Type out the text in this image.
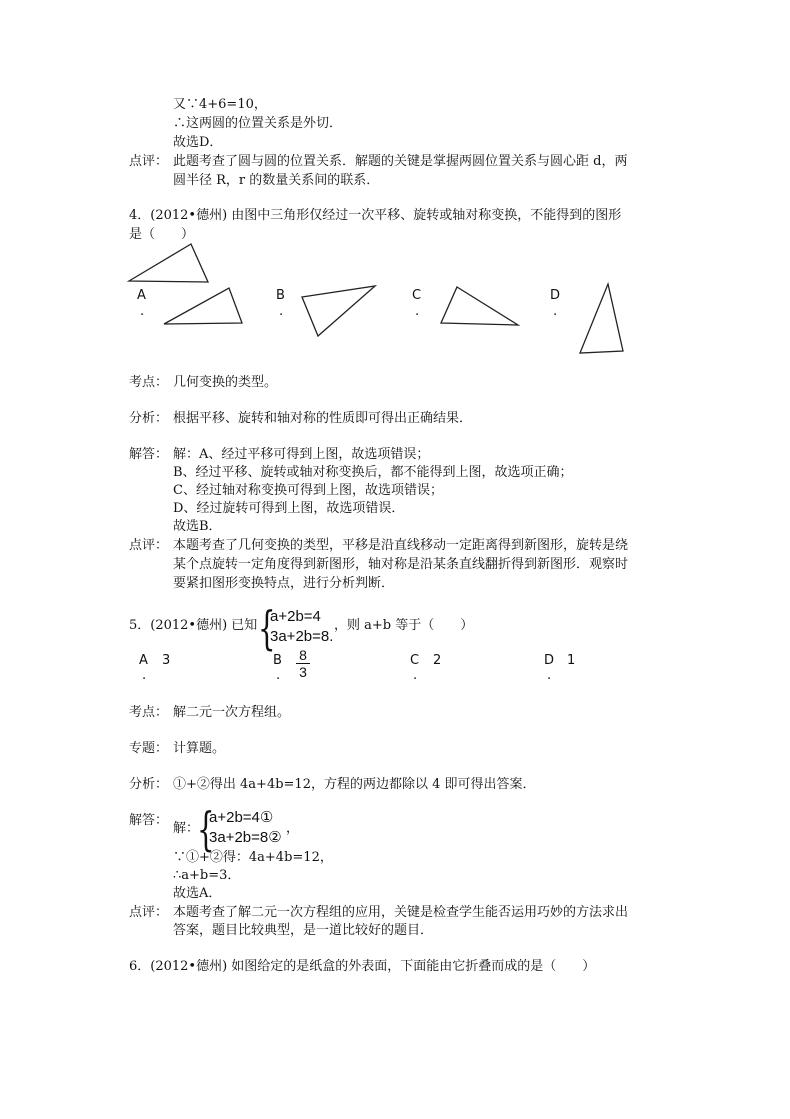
又∵4+6=10，
∴这两圆的位置关系是外切．
故选D．
点评： 此题考查了圆与圆的位置关系．解题的关键是掌握两圆位置关系与圆心距 d，两
圆半径 R，r 的数量关系间的联系．
4．(2012•德州) 由图中三角形仅经过一次平移、旋转或轴对称变换，不能得到的图形
是（　　）
A
.
B
.
C
.
D
.
考点： 几何变换的类型。
分析： 根据平移、旋转和轴对称的性质即可得出正确结果．
解答： 解：A、经过平移可得到上图，故选项错误；
B、经过平移、旋转或轴对称变换后，都不能得到上图，故选项正确；
C、经过轴对称变换可得到上图，故选项错误；
D、经过旋转可得到上图，故选项错误．
故选B．
点评： 本题考查了几何变换的类型，平移是沿直线移动一定距离得到新图形，旋转是绕
某个点旋转一定角度得到新图形，轴对称是沿某条直线翻折得到新图形．观察时
要紧扣图形变换特点，进行分析判断．
5．(2012•德州) 已知 {
a+2b=4
3a+2b=8.
，则 a+b 等于（　　）
A 3
.
B 8
3
.
C 2
.
D 1
.
考点： 解二元一次方程组。
专题： 计算题。
分析： ①+②得出 4a+4b=12，方程的两边都除以 4 即可得出答案．
解答：
解：
{
a+2b=4①
3a+2b=8②
，
∵①+②得：4a+4b=12，
∴a+b=3．
故选A．
点评： 本题考查了解二元一次方程组的应用，关键是检查学生能否运用巧妙的方法求出
答案，题目比较典型，是一道比较好的题目．
6．(2012•德州) 如图给定的是纸盒的外表面，下面能由它折叠而成的是（　　）
